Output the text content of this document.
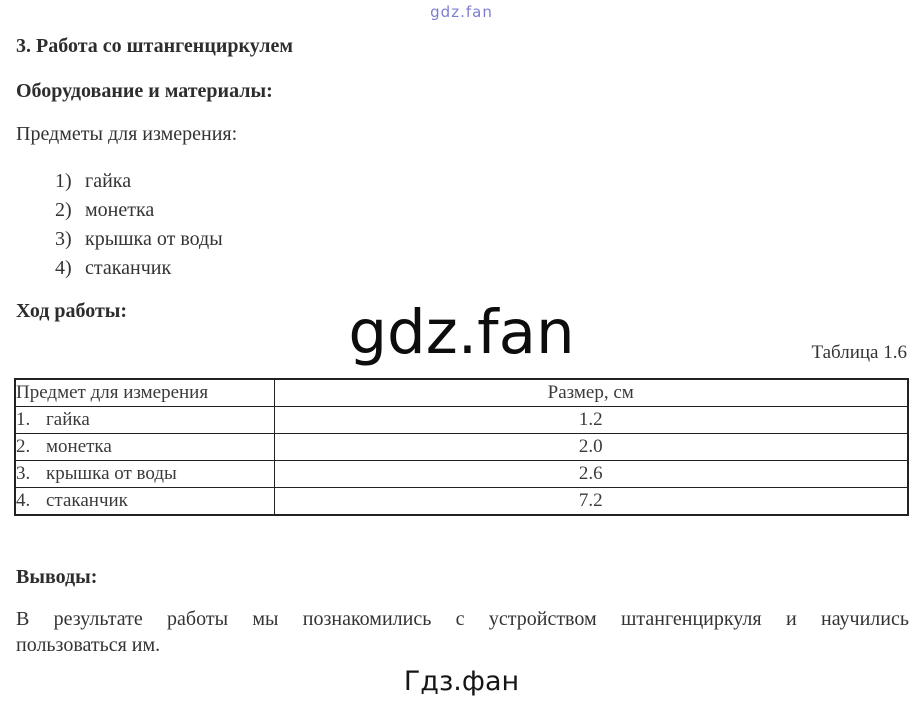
gdz.fan
3. Работа со штангенциркулем
Оборудование и материалы:
Предметы для измерения:
1) гайка
2) монетка
3) крышка от воды
4) стаканчик
Ход работы:	gdz.fan	Таблица 1.6
Предмет для измерения	Размер, см
1. гайка	1.2
2. монетка	2.0
3. крышка от воды	2.6
4. стаканчик	7.2
Выводы:
В результате работы мы познакомились с устройством штангенциркуля и научились
пользоваться им.
Гдз.фан
